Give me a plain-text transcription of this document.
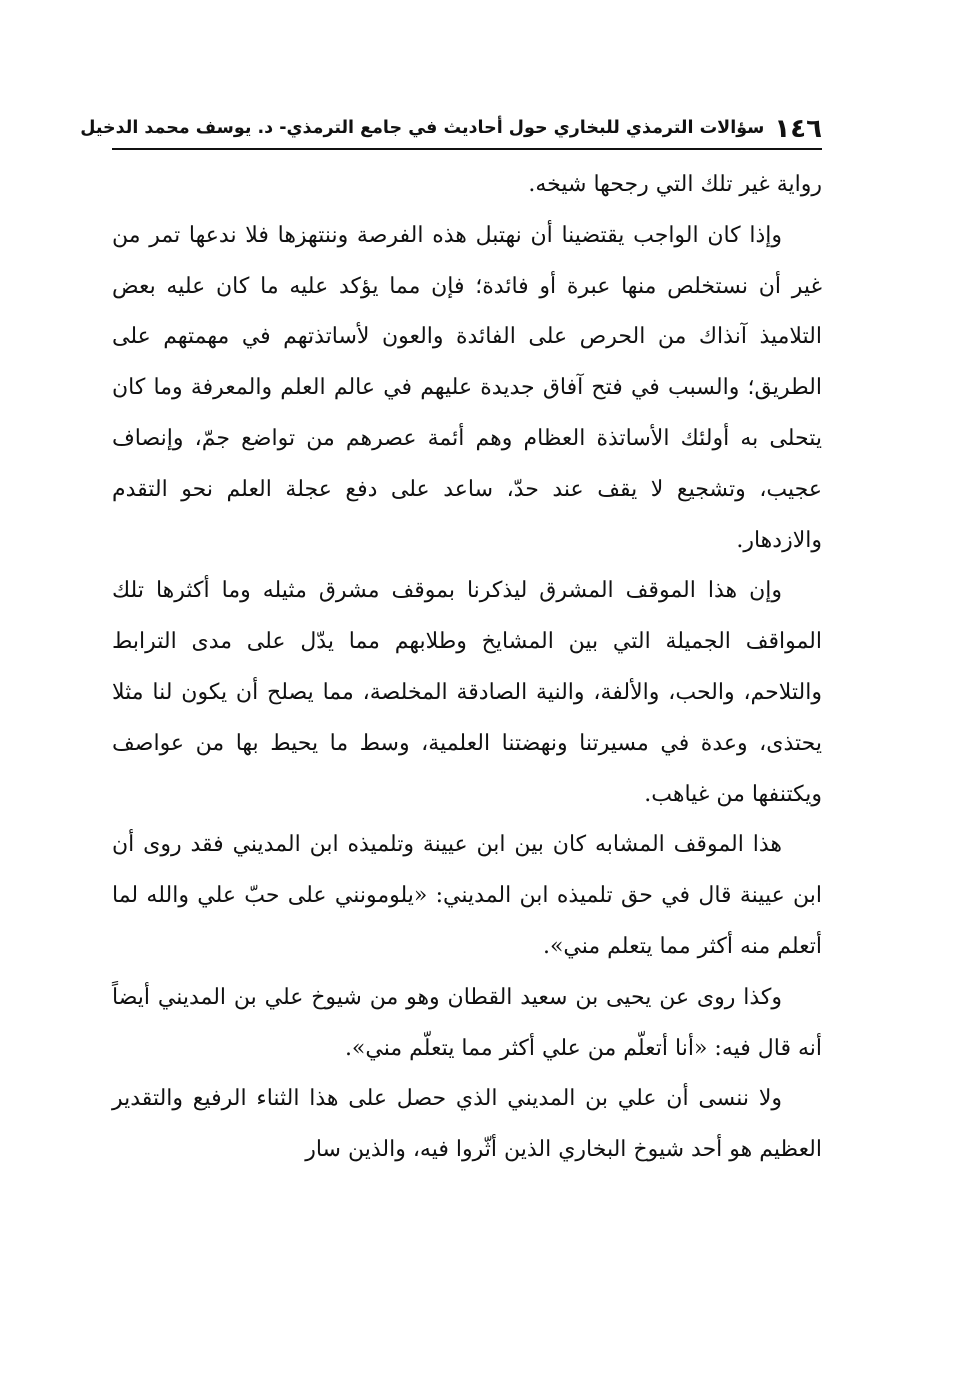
١٤٦
سؤالات الترمذي للبخاري حول أحاديث في جامع الترمذي- د. يوسف محمد الدخيل

رواية غير تلك التي رجحها شيخه.

وإذا كان الواجب يقتضينا أن نهتبل هذه الفرصة وننتهزها فلا ندعها تمر من غير أن نستخلص منها عبرة أو فائدة؛ فإن مما يؤكد عليه ما كان عليه بعض التلاميذ آنذاك من الحرص على الفائدة والعون لأساتذتهم في مهمتهم على الطريق؛ والسبب في فتح آفاق جديدة عليهم في عالم العلم والمعرفة وما كان يتحلى به أولئك الأساتذة العظام وهم أئمة عصرهم من تواضع جمّ، وإنصاف عجيب، وتشجيع لا يقف عند حدّ، ساعد على دفع عجلة العلم نحو التقدم والازدهار.

وإن هذا الموقف المشرق ليذكرنا بموقف مشرق مثيله وما أكثرها تلك المواقف الجميلة التي بين المشايخ وطلابهم مما يدّل على مدى الترابط والتلاحم، والحب، والألفة، والنية الصادقة المخلصة، مما يصلح أن يكون لنا مثلا يحتذى، وعدة في مسيرتنا ونهضتنا العلمية، وسط ما يحيط بها من عواصف ويكتنفها من غياهب.

هذا الموقف المشابه كان بين ابن عيينة وتلميذه ابن المديني فقد روى أن ابن عيينة قال في حق تلميذه ابن المديني: «يلومونني على حبّ علي والله لما أتعلم منه أكثر مما يتعلم مني».

وكذا روى عن يحيى بن سعيد القطان وهو من شيوخ علي بن المديني أيضاً أنه قال فيه: «أنا أتعلّم من علي أكثر مما يتعلّم مني».

ولا ننسى أن علي بن المديني الذي حصل على هذا الثناء الرفيع والتقدير العظيم هو أحد شيوخ البخاري الذين أثّروا فيه، والذين سار
